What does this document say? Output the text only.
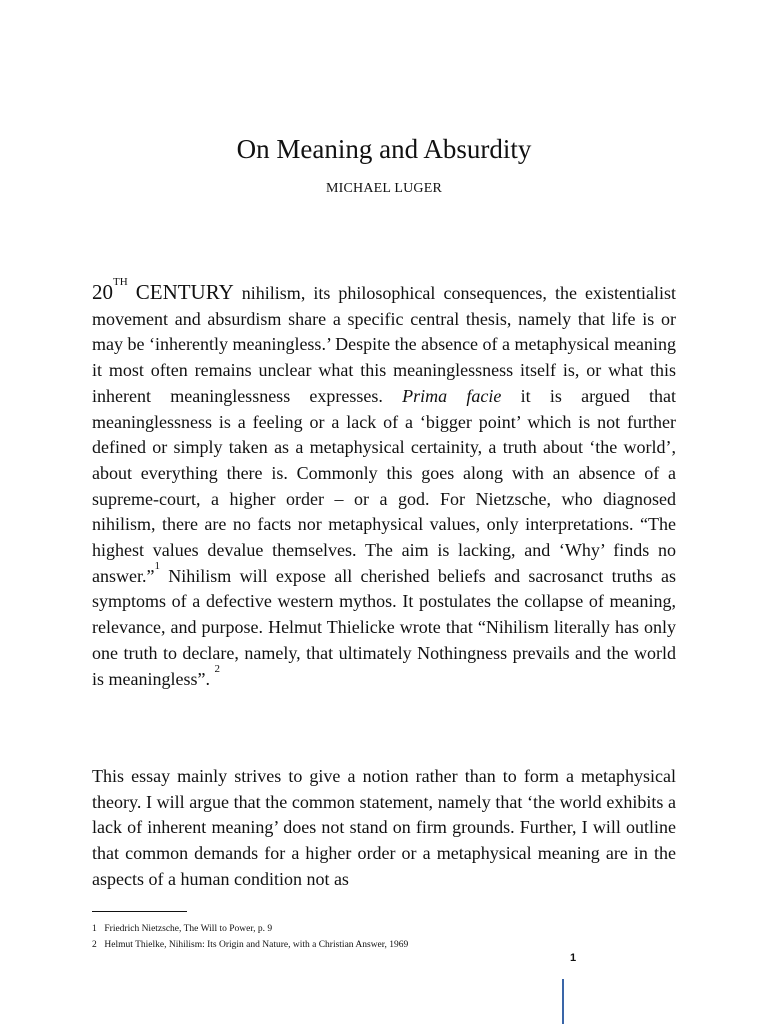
On Meaning and Absurdity
MICHAEL LUGER
20TH CENTURY nihilism, its philosophical consequences, the existentialist movement and absurdism share a specific central thesis, namely that life is or may be ‘inherently meaningless.’ Despite the absence of a metaphysical meaning it most often remains unclear what this meaninglessness itself is, or what this inherent meaninglessness expresses. Prima facie it is argued that meaninglessness is a feeling or a lack of a ‘bigger point’ which is not further defined or simply taken as a metaphysical certainity, a truth about ‘the world’, about everything there is. Commonly this goes along with an absence of a supreme-court, a higher order – or a god. For Nietzsche, who diagnosed nihilism, there are no facts nor metaphysical values, only interpretations. “The highest values devalue themselves. The aim is lacking, and ‘Why’ finds no answer.”$^1$ Nihilism will expose all cherished beliefs and sacrosanct truths as symptoms of a defective western mythos. It postulates the collapse of meaning, relevance, and purpose. Helmut Thielicke wrote that “Nihilism literally has only one truth to declare, namely, that ultimately Nothingness prevails and the world is meaningless”. $^2$
This essay mainly strives to give a notion rather than to form a metaphysical theory. I will argue that the common statement, namely that ‘the world exhibits a lack of inherent meaning’ does not stand on firm grounds. Further, I will outline that common demands for a higher order or a metaphysical meaning are in the aspects of a human condition not as
1 Friedrich Nietzsche, The Will to Power, p. 9
2 Helmut Thielke, Nihilism: Its Origin and Nature, with a Christian Answer, 1969
1
